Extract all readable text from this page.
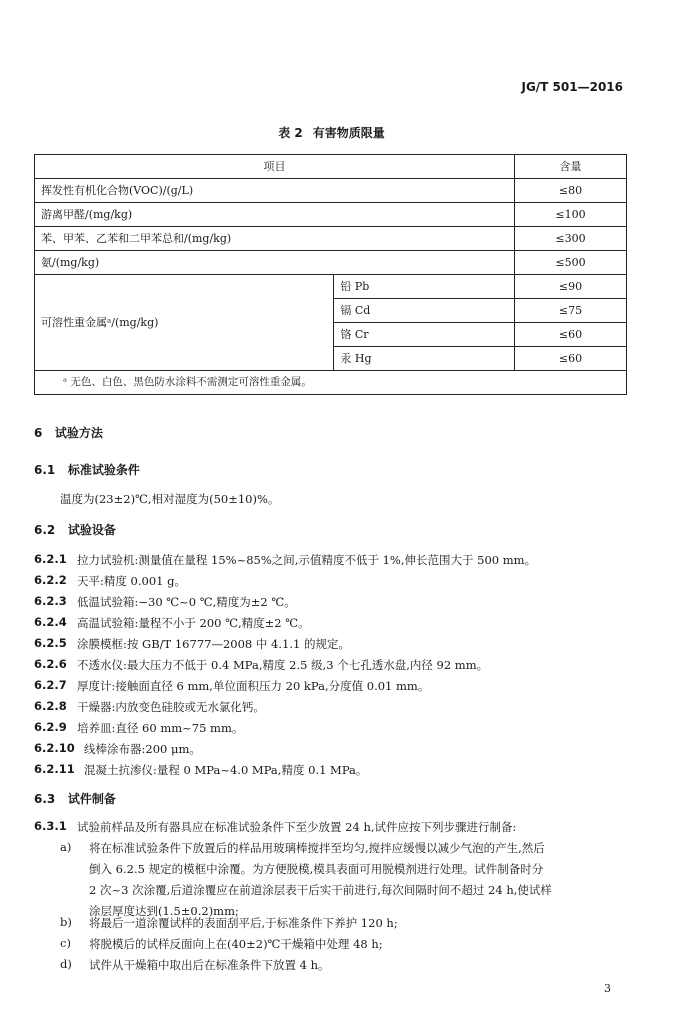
JG/T 501—2016
表 2 有害物质限量
项目		含量
挥发性有机化合物(VOC)/(g/L)		≤80
游离甲醛/(mg/kg)		≤100
苯、甲苯、乙苯和二甲苯总和/(mg/kg)		≤300
氨/(mg/kg)		≤500
可溶性重金属ᵃ/(mg/kg)	铅 Pb	≤90
	镉 Cd	≤75
	铬 Cr	≤60
	汞 Hg	≤60
ᵃ 无色、白色、黑色防水涂料不需测定可溶性重金属。		
6 试验方法
6.1 标准试验条件
温度为(23±2)℃,相对湿度为(50±10)%。
6.2 试验设备
6.2.1 拉力试验机:测量值在量程 15%~85%之间,示值精度不低于 1%,伸长范围大于 500 mm。
6.2.2 天平:精度 0.001 g。
6.2.3 低温试验箱:−30 ℃~0 ℃,精度为±2 ℃。
6.2.4 高温试验箱:量程不小于 200 ℃,精度±2 ℃。
6.2.5 涂膜模框:按 GB/T 16777—2008 中 4.1.1 的规定。
6.2.6 不透水仪:最大压力不低于 0.4 MPa,精度 2.5 级,3 个七孔透水盘,内径 92 mm。
6.2.7 厚度计:接触面直径 6 mm,单位面积压力 20 kPa,分度值 0.01 mm。
6.2.8 干燥器:内放变色硅胶或无水氯化钙。
6.2.9 培养皿:直径 60 mm~75 mm。
6.2.10 线棒涂布器:200 μm。
6.2.11 混凝土抗渗仪:量程 0 MPa~4.0 MPa,精度 0.1 MPa。
6.3 试件制备
6.3.1 试验前样品及所有器具应在标准试验条件下至少放置 24 h,试件应按下列步骤进行制备:
a) 将在标准试验条件下放置后的样品用玻璃棒搅拌至均匀,搅拌应缓慢以减少气泡的产生,然后
倒入 6.2.5 规定的模框中涂覆。为方便脱模,模具表面可用脱模剂进行处理。试件制备时分
2 次~3 次涂覆,后道涂覆应在前道涂层表干后实干前进行,每次间隔时间不超过 24 h,使试样
涂层厚度达到(1.5±0.2)mm;
b) 将最后一道涂覆试样的表面刮平后,于标准条件下养护 120 h;
c) 将脱模后的试样反面向上在(40±2)℃干燥箱中处理 48 h;
d) 试件从干燥箱中取出后在标准条件下放置 4 h。
3
